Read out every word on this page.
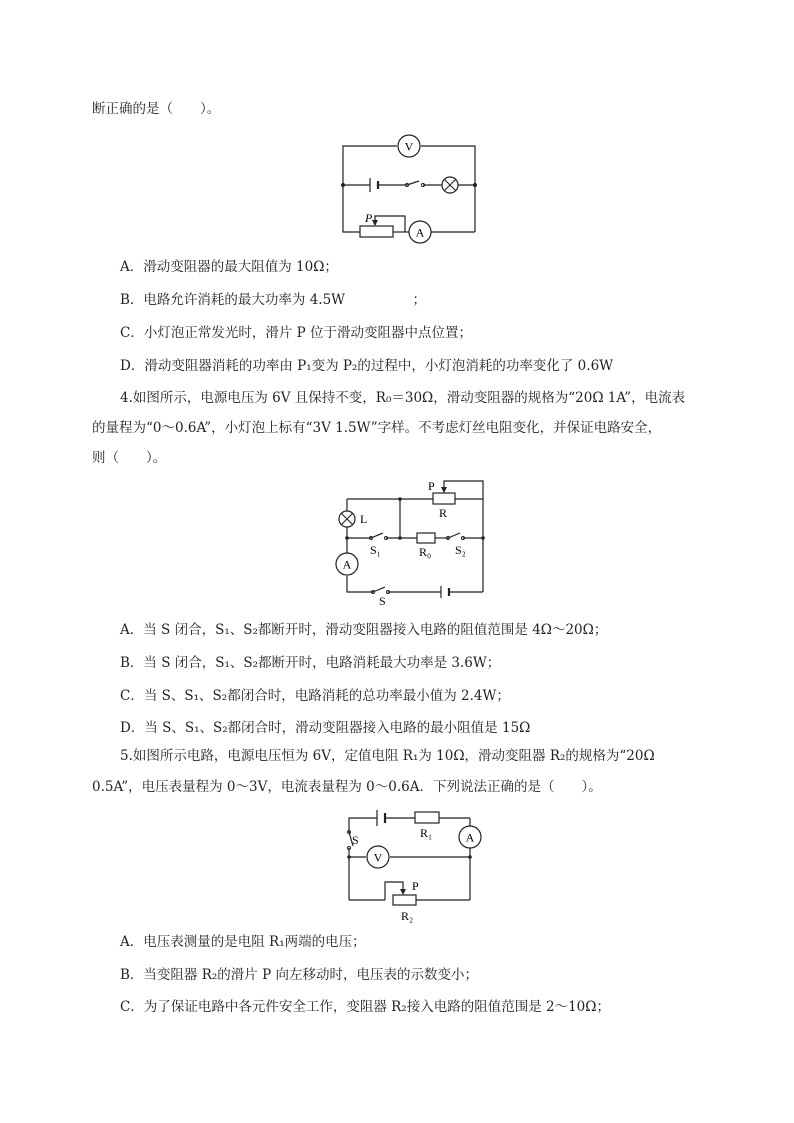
断正确的是（　　）。
V
P
A
A．滑动变阻器的最大阻值为 10Ω；
B．电路允许消耗的最大功率为 4.5W　　　　　；
C．小灯泡正常发光时，滑片 P 位于滑动变阻器中点位置；
D．滑动变阻器消耗的功率由 P₁变为 P₂的过程中，小灯泡消耗的功率变化了 0.6W
4.如图所示，电源电压为 6V 且保持不变，R₀＝30Ω，滑动变阻器的规格为“20Ω 1A”，电流表
的量程为“0～0.6A”，小灯泡上标有“3V 1.5W”字样。不考虑灯丝电阻变化，并保证电路安全，
则（　　）。
P
R
L
S₁	R₀ S₂
A
S
A．当 S 闭合，S₁、S₂都断开时，滑动变阻器接入电路的阻值范围是 4Ω～20Ω；
B．当 S 闭合，S₁、S₂都断开时，电路消耗最大功率是 3.6W；
C．当 S、S₁、S₂都闭合时，电路消耗的总功率最小值为 2.4W；
D．当 S、S₁、S₂都闭合时，滑动变阻器接入电路的最小阻值是 15Ω
5.如图所示电路，电源电压恒为 6V，定值电阻 R₁为 10Ω，滑动变阻器 R₂的规格为“20Ω
0.5A”，电压表量程为 0～3V，电流表量程为 0～0.6A．下列说法正确的是（　　）。
S	R₁	A
V
P
R₂
A．电压表测量的是电阻 R₁两端的电压；
B．当变阻器 R₂的滑片 P 向左移动时，电压表的示数变小；
C．为了保证电路中各元件安全工作，变阻器 R₂接入电路的阻值范围是 2～10Ω；
